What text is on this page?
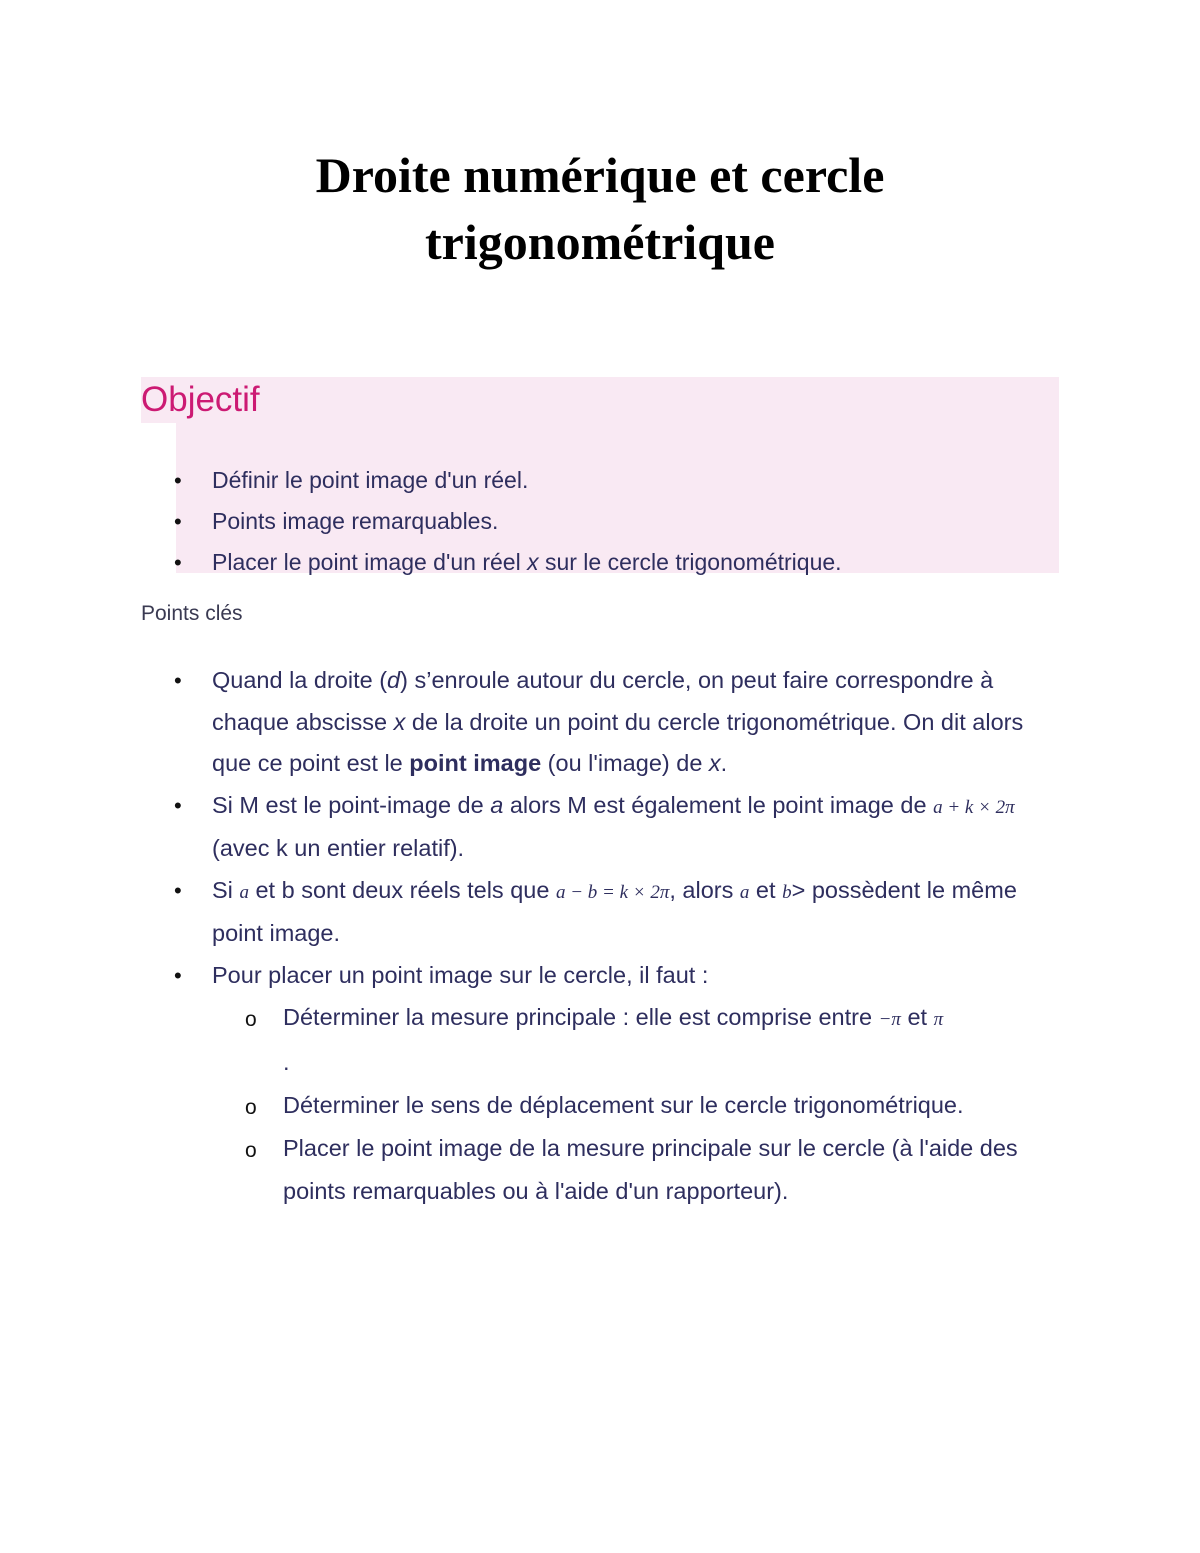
Droite numérique et cercle
trigonométrique
Objectif
• Définir le point image d'un réel.
• Points image remarquables.
• Placer le point image d'un réel x sur le cercle trigonométrique.
Points clés
• Quand la droite (d) s’enroule autour du cercle, on peut faire correspondre à chaque abscisse x de la droite un point du cercle trigonométrique. On dit alors que ce point est le point image (ou l'image) de x.
• Si M est le point-image de a alors M est également le point image de a + k × 2π (avec k un entier relatif).
• Si a et b sont deux réels tels que a − b = k × 2π, alors a et b> possèdent le même point image.
• Pour placer un point image sur le cercle, il faut :
o Déterminer la mesure principale : elle est comprise entre −π et π
.
o Déterminer le sens de déplacement sur le cercle trigonométrique.
o Placer le point image de la mesure principale sur le cercle (à l'aide des points remarquables ou à l'aide d'un rapporteur).
